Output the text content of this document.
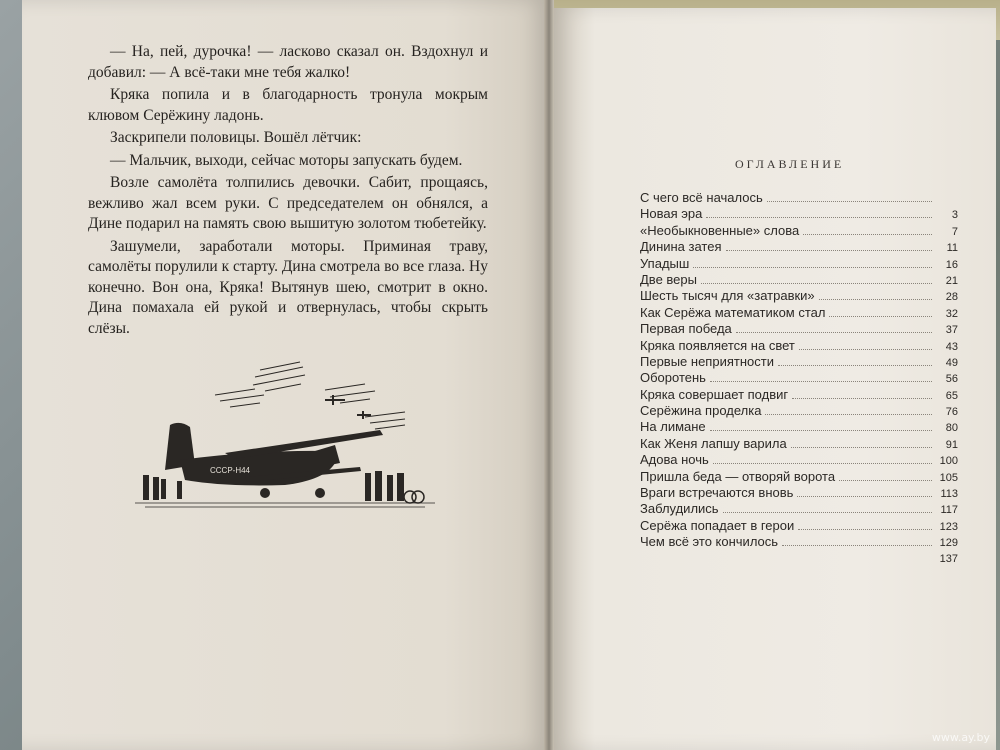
— На, пей, дурочка! — ласково сказал он. Вздохнул и добавил: — А всё-таки мне тебя жалко!

Кряка попила и в благодарность тронула мокрым клювом Серёжину ладонь.

Заскрипели половицы. Вошёл лётчик:

— Мальчик, выходи, сейчас моторы запускать будем.

Возле самолёта толпились девочки. Сабит, прощаясь, вежливо жал всем руки. С председателем он обнялся, а Дине подарил на память свою вышитую золотом тюбетейку.

Зашумели, заработали моторы. Приминая траву, самолёты порулили к старту. Дина смотрела во все глаза. Ну конечно. Вон она, Кряка! Вытянув шею, смотрит в окно. Дина помахала ей рукой и отвернулась, чтобы скрыть слёзы.

СССР-Н44
ОГЛАВЛЕНИЕ
С чего всё началось
Новая эра	3
«Необыкновенные» слова	7
Динина затея	11
Упадыш	16
Две веры	21
Шесть тысяч для «затравки»	28
Как Серёжа математиком стал	32
Первая победа	37
Кряка появляется на свет	43
Первые неприятности	49
Оборотень	56
Кряка совершает подвиг	65
Серёжина проделка	76
На лимане	80
Как Женя лапшу варила	91
Адова ночь	100
Пришла беда — отворяй ворота	105
Враги встречаются вновь	113
Заблудились	117
Серёжа попадает в герои	123
Чем всё это кончилось	129
137
www.ay.by
